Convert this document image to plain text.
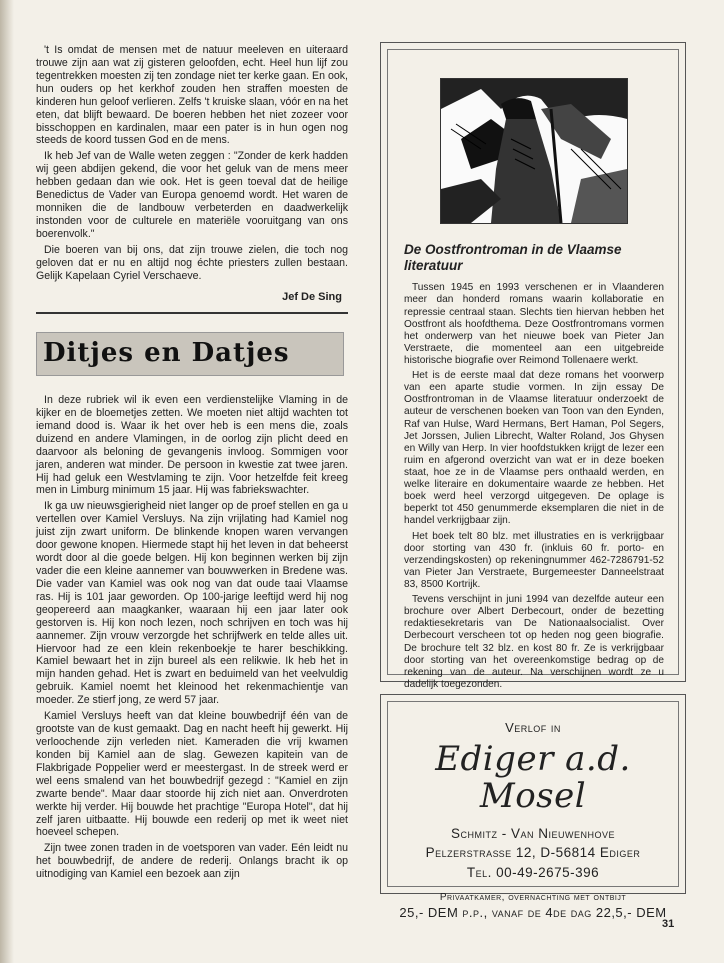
't Is omdat de mensen met de natuur meeleven en uiteraard trouwe zijn aan wat zij gisteren geloofden, echt. Heel hun lijf zou tegentrekken moesten zij ten zondage niet ter kerke gaan. En ook, hun ouders op het kerkhof zouden hen straffen moesten de kinderen hun geloof verlieren. Zelfs 't kruiske slaan, vóór en na het eten, dat blijft bewaard. De boeren hebben het niet zozeer voor bisschoppen en kardinalen, maar een pater is in hun ogen nog steeds de koord tussen God en de mens.

Ik heb Jef van de Walle weten zeggen : "Zonder de kerk hadden wij geen abdijen gekend, die voor het geluk van de mens meer hebben gedaan dan wie ook. Het is geen toeval dat de heilige Benedictus de Vader van Europa genoemd wordt. Het waren de monniken die de landbouw verbeterden en daadwerkelijk instonden voor de culturele en materiële vooruitgang van ons boerenvolk."

Die boeren van bij ons, dat zijn trouwe zielen, die toch nog geloven dat er nu en altijd nog échte priesters zullen bestaan. Gelijk Kapelaan Cyriel Verschaeve.

Jef De Sing
Ditjes en Datjes

In deze rubriek wil ik even een verdienstelijke Vlaming in de kijker en de bloemetjes zetten. We moeten niet altijd wachten tot iemand dood is. Waar ik het over heb is een mens die, zoals duizend en andere Vlamingen, in de oorlog zijn plicht deed en daarvoor als beloning de gevangenis invloog. Sommigen voor jaren, anderen wat minder. De persoon in kwestie zat twee jaren. Hij had geluk een Westvlaming te zijn. Voor hetzelfde feit kreeg men in Limburg minimum 15 jaar. Hij was fabriekswachter.

Ik ga uw nieuwsgierigheid niet langer op de proef stellen en ga u vertellen over Kamiel Versluys. Na zijn vrijlating had Kamiel nog juist zijn zwart uniform. De blinkende knopen waren vervangen door gewone knopen. Hiermede stapt hij het leven in dat beheerst wordt door al die goede belgen. Hij kon beginnen werken bij zijn vader die een kleine aannemer van bouwwerken in Bredene was. Die vader van Kamiel was ook nog van dat oude taai Vlaamse ras. Hij is 101 jaar geworden. Op 100-jarige leeftijd werd hij nog geopereerd aan maagkanker, waaraan hij een jaar later ook gestorven is. Hij kon noch lezen, noch schrijven en toch was hij aannemer. Zijn vrouw verzorgde het schrijfwerk en telde alles uit. Hiervoor had ze een klein rekenboekje te harer beschikking. Kamiel bewaart het in zijn bureel als een relikwie. Ik heb het in mijn handen gehad. Het is zwart en beduimeld van het veelvuldig gebruik. Kamiel noemt het kleinood het rekenmachientje van moeder. Ze stierf jong, ze werd 57 jaar.

Kamiel Versluys heeft van dat kleine bouwbedrijf één van de grootste van de kust gemaakt. Dag en nacht heeft hij gewerkt. Hij verloochende zijn verleden niet. Kameraden die vrij kwamen konden bij Kamiel aan de slag. Gewezen kapitein van de Flakbrigade Poppelier werd er meestergast. In de streek werd er wel eens smalend van het bouwbedrijf gezegd : "Kamiel en zijn zwarte bende". Maar daar stoorde hij zich niet aan. Onverdroten werkte hij verder. Hij bouwde het prachtige "Europa Hotel", dat hij zelf jaren uitbaatte. Hij bouwde een rederij op met ik weet niet hoeveel schepen.

Zijn twee zonen traden in de voetsporen van vader. Eén leidt nu het bouwbedrijf, de andere de rederij. Onlangs bracht ik op uitnodiging van Kamiel een bezoek aan zijn

De Oostfrontroman in de Vlaamse literatuur

Tussen 1945 en 1993 verschenen er in Vlaanderen meer dan honderd romans waarin kollaboratie en repressie centraal staan. Slechts tien hiervan hebben het Oostfront als hoofdthema. Deze Oostfrontromans vormen het onderwerp van het nieuwe boek van Pieter Jan Verstraete, die momenteel aan een uitgebreide historische biografie over Reimond Tollenaere werkt.

Het is de eerste maal dat deze romans het voorwerp van een aparte studie vormen. In zijn essay De Oostfrontroman in de Vlaamse literatuur onderzoekt de auteur de verschenen boeken van Toon van den Eynden, Raf van Hulse, Ward Hermans, Bert Haman, Pol Segers, Jet Jorssen, Julien Librecht, Walter Roland, Jos Ghysen en Willy van Herp. In vier hoofdstukken krijgt de lezer een ruim en afgerond overzicht van wat er in deze boeken staat, hoe ze in de Vlaamse pers onthaald werden, en welke literaire en dokumentaire waarde ze hebben. Het boek werd heel verzorgd uitgegeven. De oplage is beperkt tot 450 genummerde eksemplaren die niet in de handel verkrijgbaar zijn.

Het boek telt 80 blz. met illustraties en is verkrijgbaar door storting van 430 fr. (inkluis 60 fr. porto- en verzendingskosten) op rekeningnummer 462-7286791-52 van Pieter Jan Verstraete, Burgemeester Danneelstraat 83, 8500 Kortrijk.

Tevens verschijnt in juni 1994 van dezelfde auteur een brochure over Albert Derbecourt, onder de bezetting redaktiesekretaris van De Nationaalsocialist. Over Derbecourt verscheen tot op heden nog geen biografie. De brochure telt 32 blz. en kost 80 fr. Ze is verkrijgbaar door storting van het overeenkomstige bedrag op de rekening van de auteur. Na verschijnen wordt ze u dadelijk toegezonden.

Verlof in
Ediger a.d. Mosel
Schmitz - Van Nieuwenhove
Pelzerstraße 12, D-56814 Ediger
Tel. 00-49-2675-396
Privaatkamer, overnachting met ontbijt
25,- DEM p.p., vanaf de 4de dag 22,5,- DEM
31
